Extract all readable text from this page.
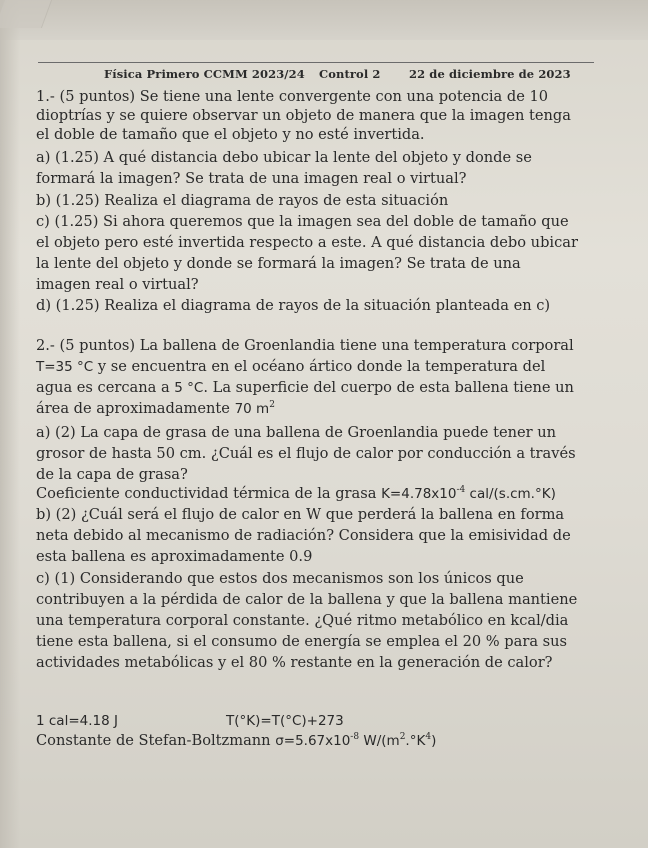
Física Primero CCMM 2023/24 Control 2 22 de diciembre de 2023
1.- (5 puntos) Se tiene una lente convergente con una potencia de 10
dioptrías y se quiere observar un objeto de manera que la imagen tenga
el doble de tamaño que el objeto y no esté invertida.
a) (1.25) A qué distancia debo ubicar la lente del objeto y donde se
formará la imagen? Se trata de una imagen real o virtual?
b) (1.25) Realiza el diagrama de rayos de esta situación
c) (1.25) Si ahora queremos que la imagen sea del doble de tamaño que
el objeto pero esté invertida respecto a este. A qué distancia debo ubicar
la lente del objeto y donde se formará la imagen? Se trata de una
imagen real o virtual?
d) (1.25) Realiza el diagrama de rayos de la situación planteada en c)
2.- (5 puntos) La ballena de Groenlandia tiene una temperatura corporal
T=35 °C y se encuentra en el océano ártico donde la temperatura del
agua es cercana a 5 °C. La superficie del cuerpo de esta ballena tiene un
área de aproximadamente 70 $m^2$
a) (2) La capa de grasa de una ballena de Groenlandia puede tener un
grosor de hasta 50 cm. ¿Cuál es el flujo de calor por conducción a través
de la capa de grasa?
Coeficiente conductividad térmica de la grasa $K=4.78x10^{-4}$ cal/(s.cm.°K)
b) (2) ¿Cuál será el flujo de calor en W que perderá la ballena en forma
neta debido al mecanismo de radiación? Considera que la emisividad de
esta ballena es aproximadamente 0.9
c) (1) Considerando que estos dos mecanismos son los únicos que
contribuyen a la pérdida de calor de la ballena y que la ballena mantiene
una temperatura corporal constante. ¿Qué ritmo metabólico en kcal/dia
tiene esta ballena, si el consumo de energía se emplea el 20 % para sus
actividades metabólicas y el 80 % restante en la generación de calor?
1 cal=4.18 J	T(°K)=T(°C)+273
Constante de Stefan-Boltzmann $\sigma=5.67x10^{-8}$ $W/(m^2.^\circ K^4)$
